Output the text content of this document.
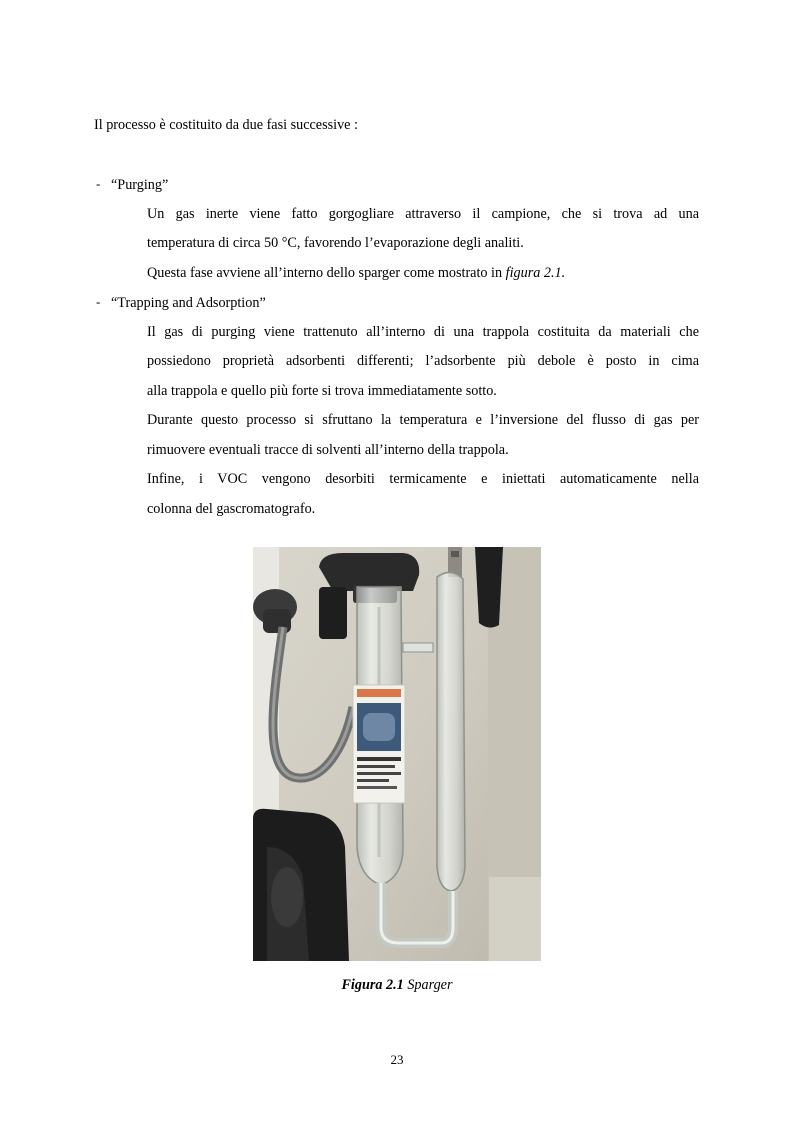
Il processo è costituito da due fasi successive :
- “Purging”
Un gas inerte viene fatto gorgogliare attraverso il campione, che si trova ad una
temperatura di circa 50 °C, favorendo l’evaporazione degli analiti.
Questa fase avviene all’interno dello sparger come mostrato in figura 2.1.
- “Trapping and Adsorption”
Il gas di purging viene trattenuto all’interno di una trappola costituita da materiali che
possiedono proprietà adsorbenti differenti; l’adsorbente più debole è posto in cima
alla trappola e quello più forte si trova immediatamente sotto.
Durante questo processo si sfruttano la temperatura e l’inversione del flusso di gas per
rimuovere eventuali tracce di solventi all’interno della trappola.
Infine, i VOC vengono desorbiti termicamente e iniettati automaticamente nella
colonna del gascromatografo.
Figura 2.1 Sparger
23
